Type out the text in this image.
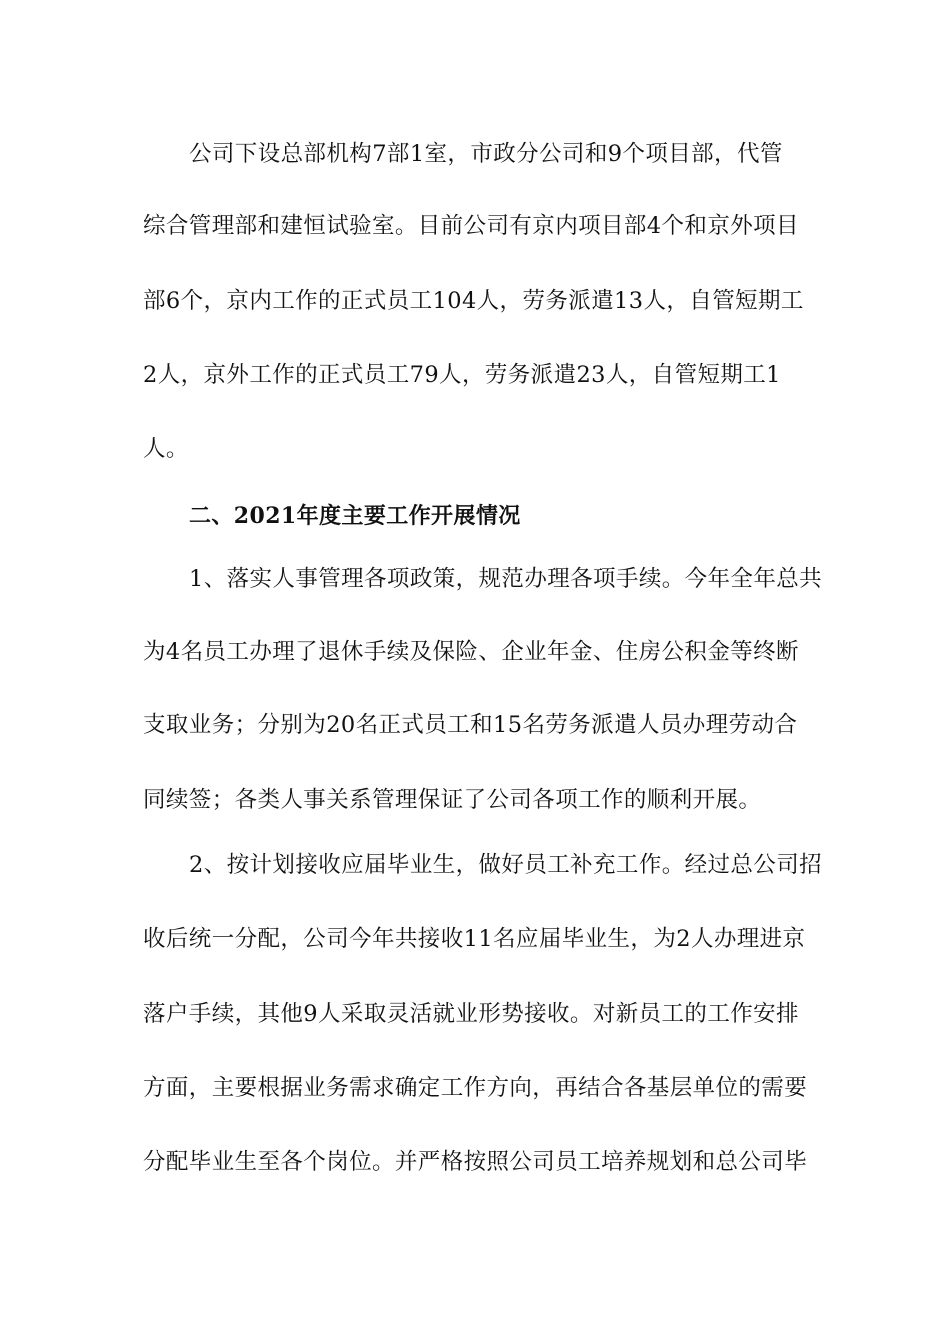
公司下设总部机构7部1室，市政分公司和9个项目部，代管
综合管理部和建恒试验室。目前公司有京内项目部4个和京外项目
部6个，京内工作的正式员工104人，劳务派遣13人，自管短期工
2人，京外工作的正式员工79人，劳务派遣23人，自管短期工1
人。
二、2021年度主要工作开展情况
1、落实人事管理各项政策，规范办理各项手续。今年全年总共
为4名员工办理了退休手续及保险、企业年金、住房公积金等终断
支取业务；分别为20名正式员工和15名劳务派遣人员办理劳动合
同续签；各类人事关系管理保证了公司各项工作的顺利开展。
2、按计划接收应届毕业生，做好员工补充工作。经过总公司招
收后统一分配，公司今年共接收11名应届毕业生，为2人办理进京
落户手续，其他9人采取灵活就业形势接收。对新员工的工作安排
方面，主要根据业务需求确定工作方向，再结合各基层单位的需要
分配毕业生至各个岗位。并严格按照公司员工培养规划和总公司毕
